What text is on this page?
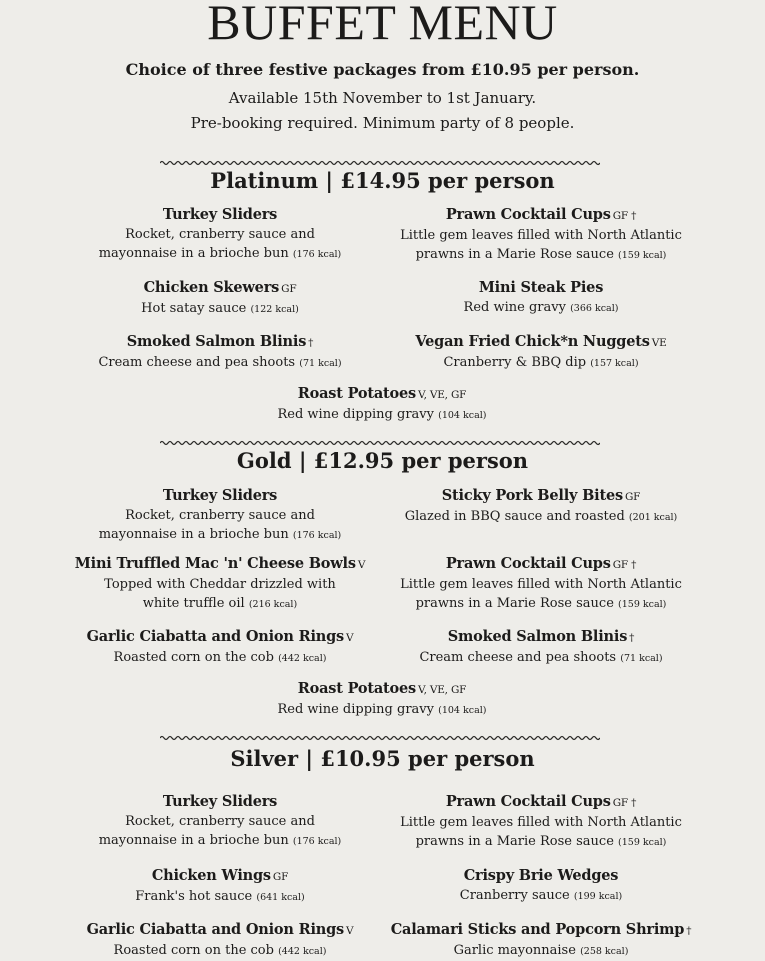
BUFFET MENU
Choice of three festive packages from £10.95 per person.
Available 15th November to 1st January.
Pre-booking required. Minimum party of 8 people.
Platinum | £14.95 per person
Turkey Sliders
Rocket, cranberry sauce and
mayonnaise in a brioche bun (176 kcal)
Prawn Cocktail Cups GF †
Little gem leaves filled with North Atlantic
prawns in a Marie Rose sauce (159 kcal)
Chicken Skewers GF
Hot satay sauce (122 kcal)
Mini Steak Pies
Red wine gravy (366 kcal)
Smoked Salmon Blinis †
Cream cheese and pea shoots (71 kcal)
Vegan Fried Chick*n Nuggets VE
Cranberry & BBQ dip (157 kcal)
Roast Potatoes V, VE, GF
Red wine dipping gravy (104 kcal)
Gold | £12.95 per person
Turkey Sliders
Rocket, cranberry sauce and
mayonnaise in a brioche bun (176 kcal)
Sticky Pork Belly Bites GF
Glazed in BBQ sauce and roasted (201 kcal)
Mini Truffled Mac 'n' Cheese Bowls V
Topped with Cheddar drizzled with
white truffle oil (216 kcal)
Prawn Cocktail Cups GF †
Little gem leaves filled with North Atlantic
prawns in a Marie Rose sauce (159 kcal)
Garlic Ciabatta and Onion Rings V
Roasted corn on the cob (442 kcal)
Smoked Salmon Blinis †
Cream cheese and pea shoots (71 kcal)
Roast Potatoes V, VE, GF
Red wine dipping gravy (104 kcal)
Silver | £10.95 per person
Turkey Sliders
Rocket, cranberry sauce and
mayonnaise in a brioche bun (176 kcal)
Prawn Cocktail Cups GF †
Little gem leaves filled with North Atlantic
prawns in a Marie Rose sauce (159 kcal)
Chicken Wings GF
Frank's hot sauce (641 kcal)
Crispy Brie Wedges
Cranberry sauce (199 kcal)
Garlic Ciabatta and Onion Rings V
Roasted corn on the cob (442 kcal)
Calamari Sticks and Popcorn Shrimp †
Garlic mayonnaise (258 kcal)
